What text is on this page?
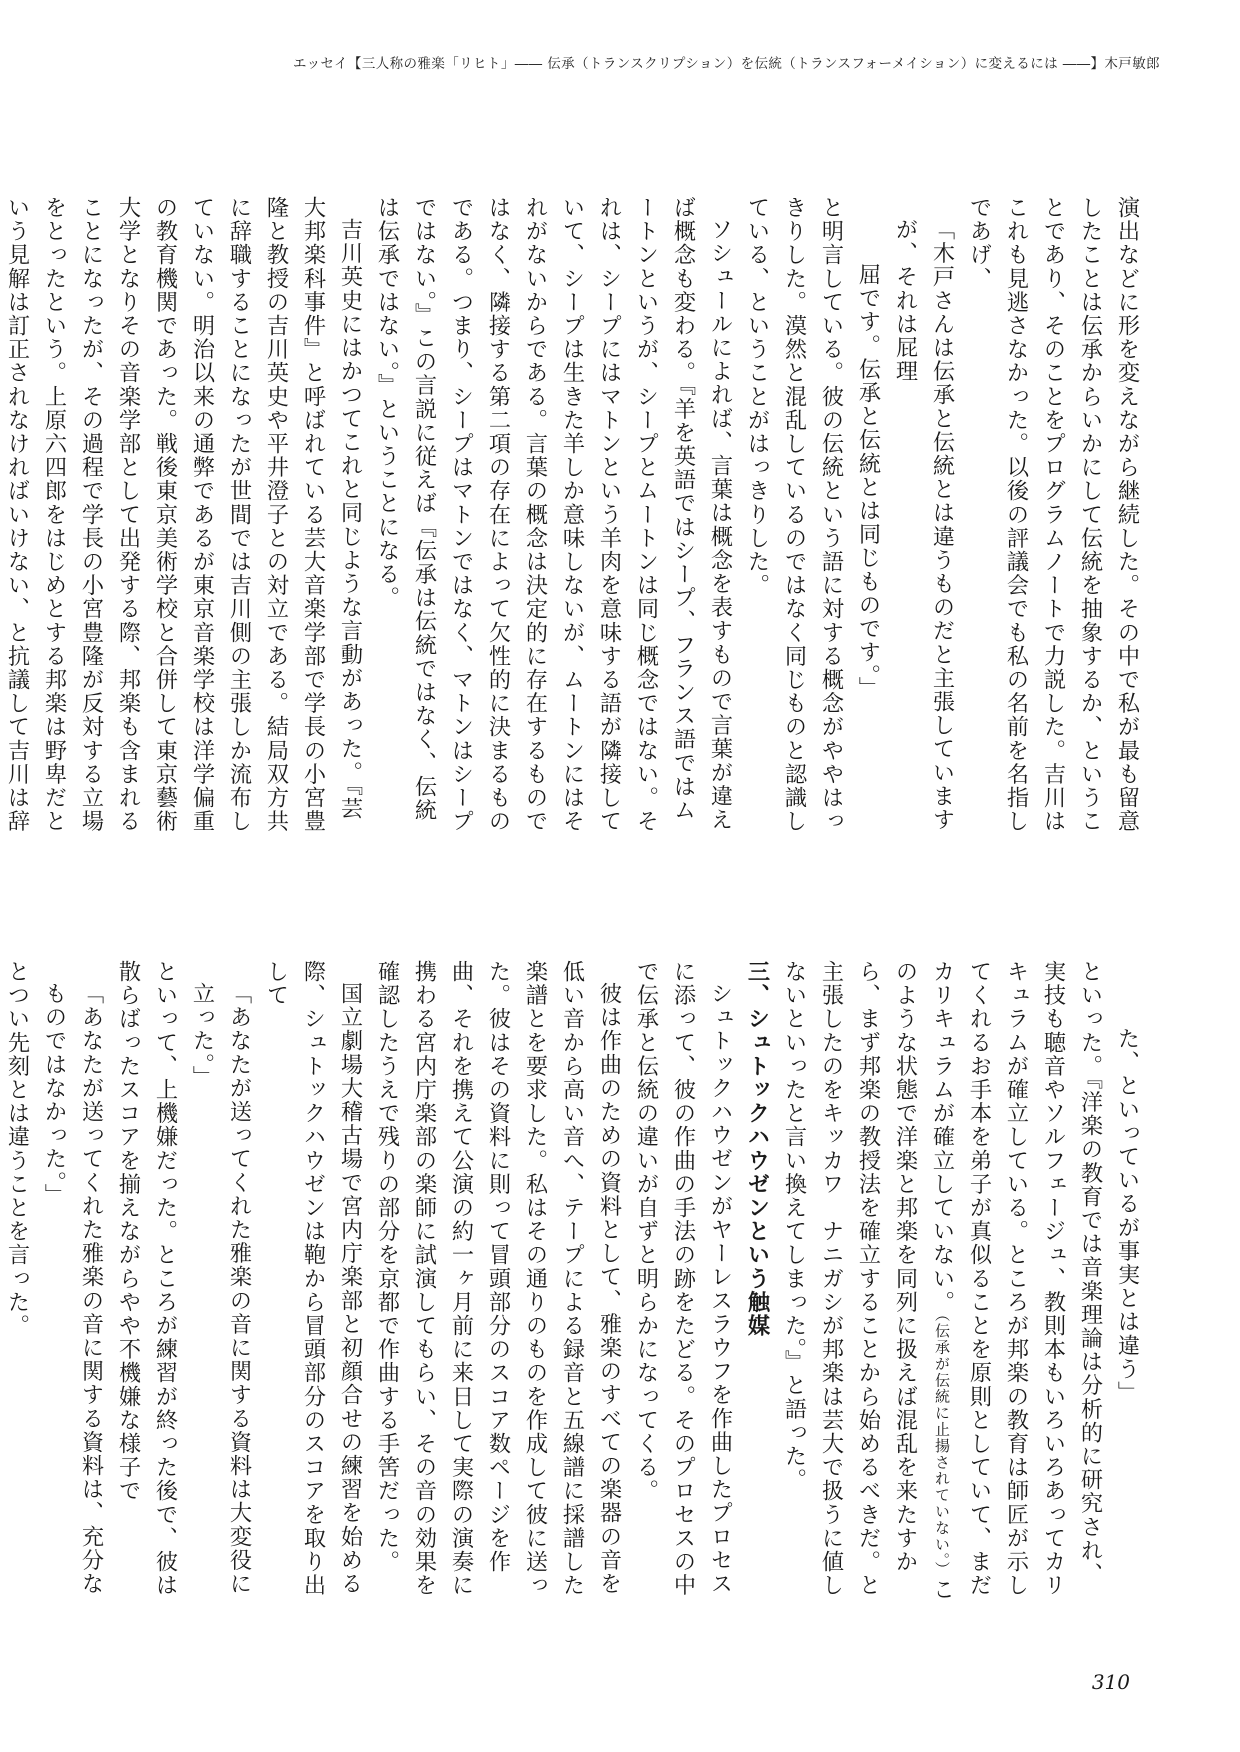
エッセイ【三人称の雅楽「リヒト」―― 伝承（トランスクリプション）を伝統（トランスフォーメイション）に変えるには ――】木戸敏郎

演出などに形を変えながら継続した。その中で私が最も留意したことは伝承からいかにして伝統を抽象するか、ということであり、そのことをプログラムノートで力説した。吉川はこれも見逃さなかった。以後の評議会でも私の名前を名指しであげ、

「木戸さんは伝承と伝統とは違うものだと主張していますが、それは屁理

屈です。伝承と伝統とは同じものです。」

と明言している。彼の伝統という語に対する概念がややはっきりした。漠然と混乱しているのではなく同じものと認識している、ということがはっきりした。

ソシュールによれば、言葉は概念を表すもので言葉が違えば概念も変わる。『羊を英語ではシープ、フランス語ではムートンというが、シープとムートンは同じ概念ではない。それは、シープにはマトンという羊肉を意味する語が隣接していて、シープは生きた羊しか意味しないが、ムートンにはそれがないからである。言葉の概念は決定的に存在するものではなく、隣接する第二項の存在によって欠性的に決まるものである。つまり、シープはマトンではなく、マトンはシープではない。』この言説に従えば『伝承は伝統ではなく、伝統は伝承ではない。』ということになる。

吉川英史にはかつてこれと同じような言動があった。『芸大邦楽科事件』と呼ばれている芸大音楽学部で学長の小宮豊隆と教授の吉川英史や平井澄子との対立である。結局双方共に辞職することになったが世間では吉川側の主張しか流布していない。明治以来の通弊であるが東京音楽学校は洋学偏重の教育機関であった。戦後東京美術学校と合併して東京藝術大学となりその音楽学部として出発する際、邦楽も含まれることになったが、その過程で学長の小宮豊隆が反対する立場をとったという。上原六四郎をはじめとする邦楽は野卑だという見解は訂正されなければいけない、と抗議して吉川は辞

た、といっているが事実とは違う」

といった。『洋楽の教育では音楽理論は分析的に研究され、実技も聴音やソルフェージュ、教則本もいろいろあってカリキュラムが確立している。ところが邦楽の教育は師匠が示してくれるお手本を弟子が真似ることを原則としていて、まだカリキュラムが確立していない。（伝承が伝統に止揚されていない。）このような状態で洋楽と邦楽を同列に扱えば混乱を来たすから、まず邦楽の教授法を確立することから始めるべきだ。と主張したのをキッカワ　ナニガシが邦楽は芸大で扱うに値しないといったと言い換えてしまった。』と語った。

三、シュトックハウゼンという触媒

シュトックハウゼンがヤーレスラウフを作曲したプロセスに添って、彼の作曲の手法の跡をたどる。そのプロセスの中で伝承と伝統の違いが自ずと明らかになってくる。

彼は作曲のための資料として、雅楽のすべての楽器の音を低い音から高い音へ、テープによる録音と五線譜に採譜した楽譜とを要求した。私はその通りのものを作成して彼に送った。彼はその資料に則って冒頭部分のスコア数ページを作曲、それを携えて公演の約一ヶ月前に来日して実際の演奏に携わる宮内庁楽部の楽師に試演してもらい、その音の効果を確認したうえで残りの部分を京都で作曲する手筈だった。

国立劇場大稽古場で宮内庁楽部と初顔合せの練習を始める際、シュトックハウゼンは鞄から冒頭部分のスコアを取り出して

「あなたが送ってくれた雅楽の音に関する資料は大変役に立った。」

といって、上機嫌だった。ところが練習が終った後で、彼は散らばったスコアを揃えながらやや不機嫌な様子で

「あなたが送ってくれた雅楽の音に関する資料は、充分なものではなかった。」

とつい先刻とは違うことを言った。

310
